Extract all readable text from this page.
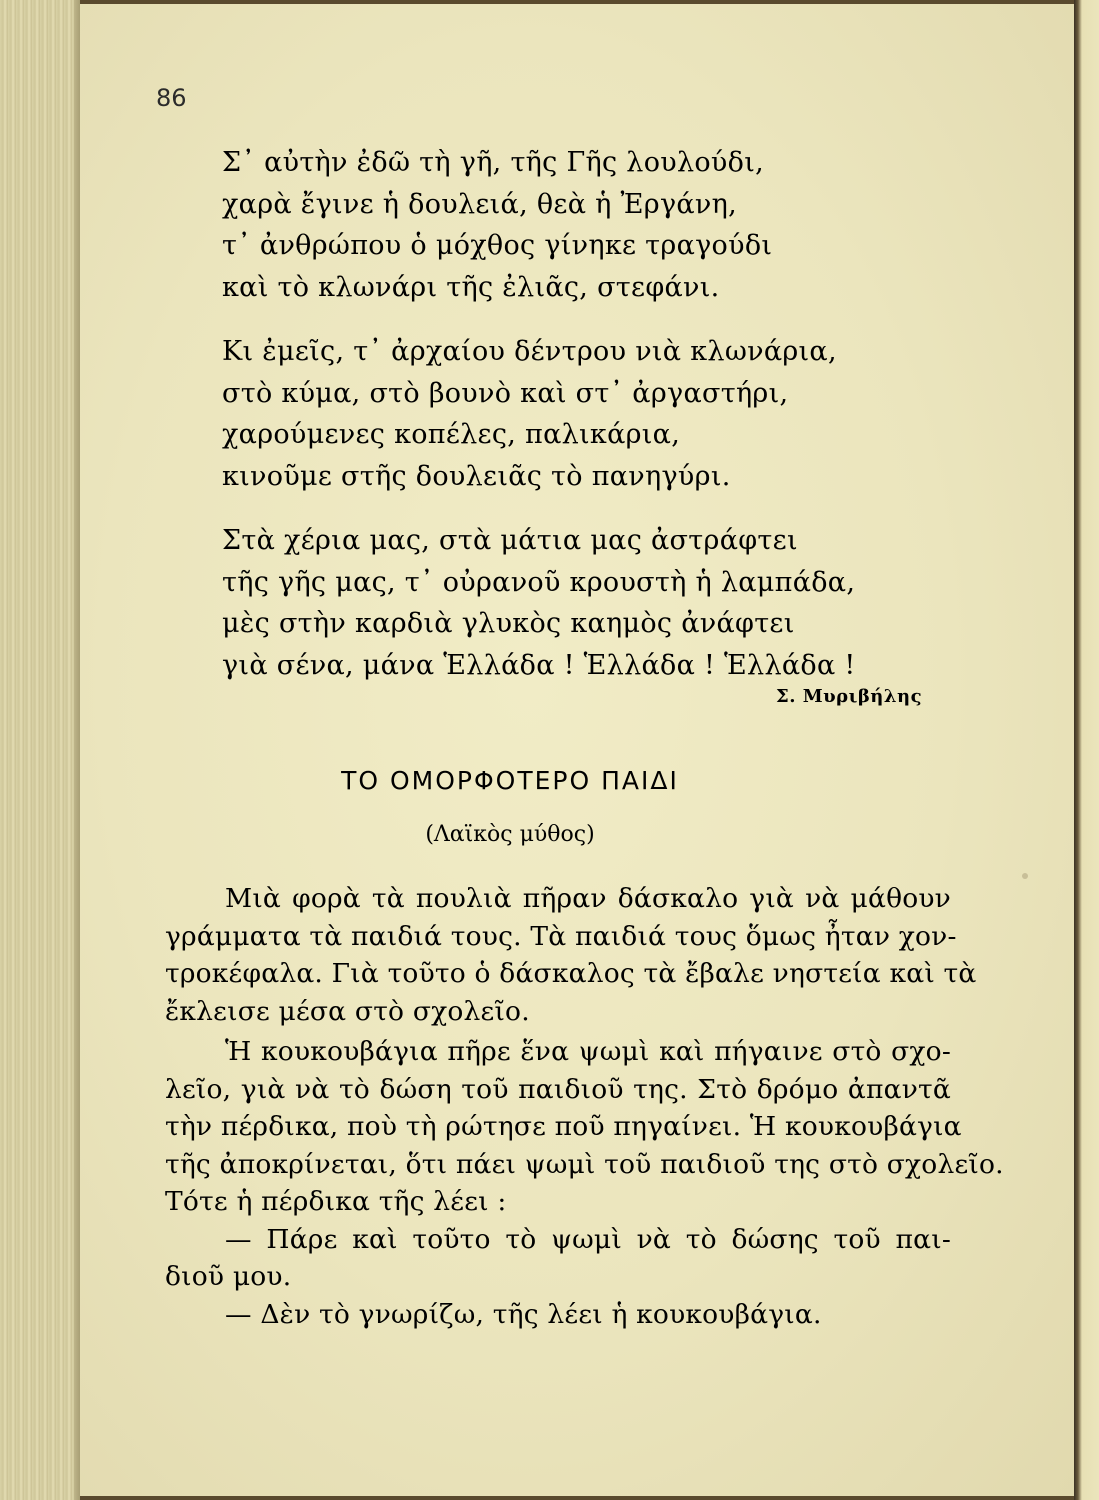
86
Σ᾽ αὐτὴν ἐδῶ τὴ γῆ, τῆς Γῆς λουλούδι,
χαρὰ ἔγινε ἡ δουλειά, θεὰ ἡ Ἐργάνη,
τ᾽ ἀνθρώπου ὁ μόχθος γίνηκε τραγούδι
καὶ τὸ κλωνάρι τῆς ἐλιᾶς, στεφάνι.
Κι ἐμεῖς, τ᾽ ἀρχαίου δέντρου νιὰ κλωνάρια,
στὸ κύμα, στὸ βουνὸ καὶ στ᾽ ἀργαστήρι,
χαρούμενες κοπέλες, παλικάρια,
κινοῦμε στῆς δουλειᾶς τὸ πανηγύρι.
Στὰ χέρια μας, στὰ μάτια μας ἀστράφτει
τῆς γῆς μας, τ᾽ οὐρανοῦ κρουστὴ ἡ λαμπάδα,
μὲς στὴν καρδιὰ γλυκὸς καημὸς ἀνάφτει
γιὰ σένα, μάνα Ἑλλάδα ! Ἑλλάδα ! Ἑλλάδα !
Σ. Μυριβήλης
ΤΟ ΟΜΟΡΦΟΤΕΡΟ ΠΑΙΔΙ
(Λαϊκὸς μύθος)
Μιὰ φορὰ τὰ πουλιὰ πῆραν δάσκαλο γιὰ νὰ μάθουν
γράμματα τὰ παιδιά τους. Τὰ παιδιά τους ὅμως ἦταν χον-
τροκέφαλα. Γιὰ τοῦτο ὁ δάσκαλος τὰ ἔβαλε νηστεία καὶ τὰ
ἔκλεισε μέσα στὸ σχολεῖο.
Ἡ κουκουβάγια πῆρε ἕνα ψωμὶ καὶ πήγαινε στὸ σχο-
λεῖο, γιὰ νὰ τὸ δώση τοῦ παιδιοῦ της. Στὸ δρόμο ἀπαντᾶ
τὴν πέρδικα, ποὺ τὴ ρώτησε ποῦ πηγαίνει. Ἡ κουκουβάγια
τῆς ἀποκρίνεται, ὅτι πάει ψωμὶ τοῦ παιδιοῦ της στὸ σχολεῖο.
Τότε ἡ πέρδικα τῆς λέει :
— Πάρε καὶ τοῦτο τὸ ψωμὶ νὰ τὸ δώσης τοῦ παι-
διοῦ μου.
— Δὲν τὸ γνωρίζω, τῆς λέει ἡ κουκουβάγια.
